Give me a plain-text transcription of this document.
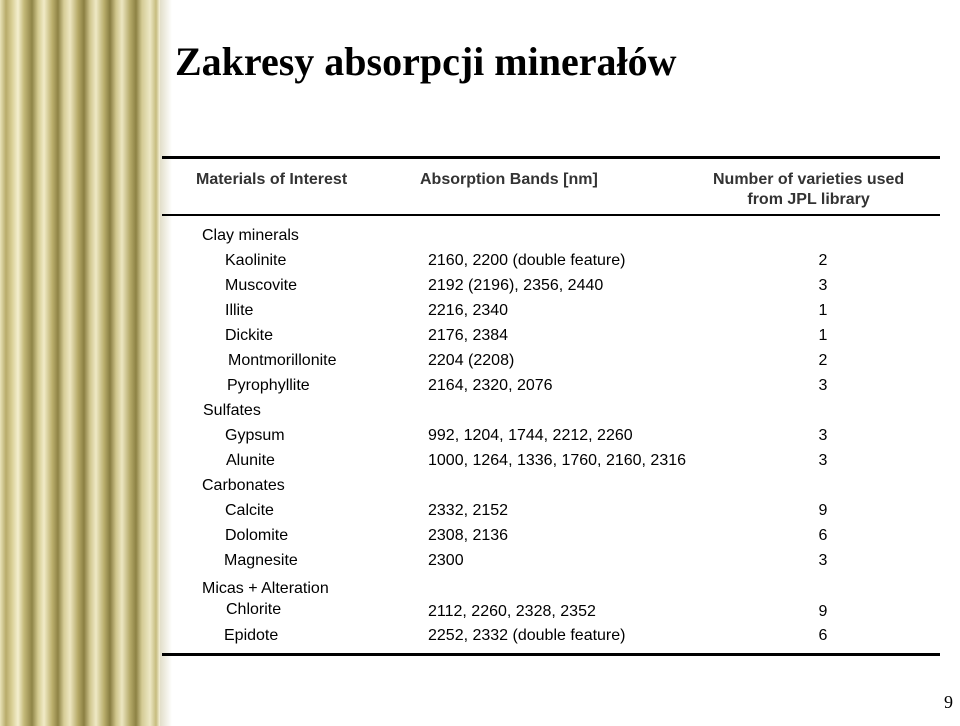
Zakresy absorpcji minerałów
Materials of Interest	Absorption Bands [nm]	Number of varieties used
from JPL library
Clay minerals
Kaolinite	2160, 2200 (double feature)	2
Muscovite	2192 (2196), 2356, 2440	3
Illite	2216, 2340	1
Dickite	2176, 2384	1
Montmorillonite	2204 (2208)	2
Pyrophyllite	2164, 2320, 2076	3
Sulfates
Gypsum	992, 1204, 1744, 2212, 2260	3
Alunite	1000, 1264, 1336, 1760, 2160, 2316	3
Carbonates
Calcite	2332, 2152	9
Dolomite	2308, 2136	6
Magnesite	2300	3
Micas + Alteration
Chlorite	2112, 2260, 2328, 2352	9
Epidote	2252, 2332 (double feature)	6
9
